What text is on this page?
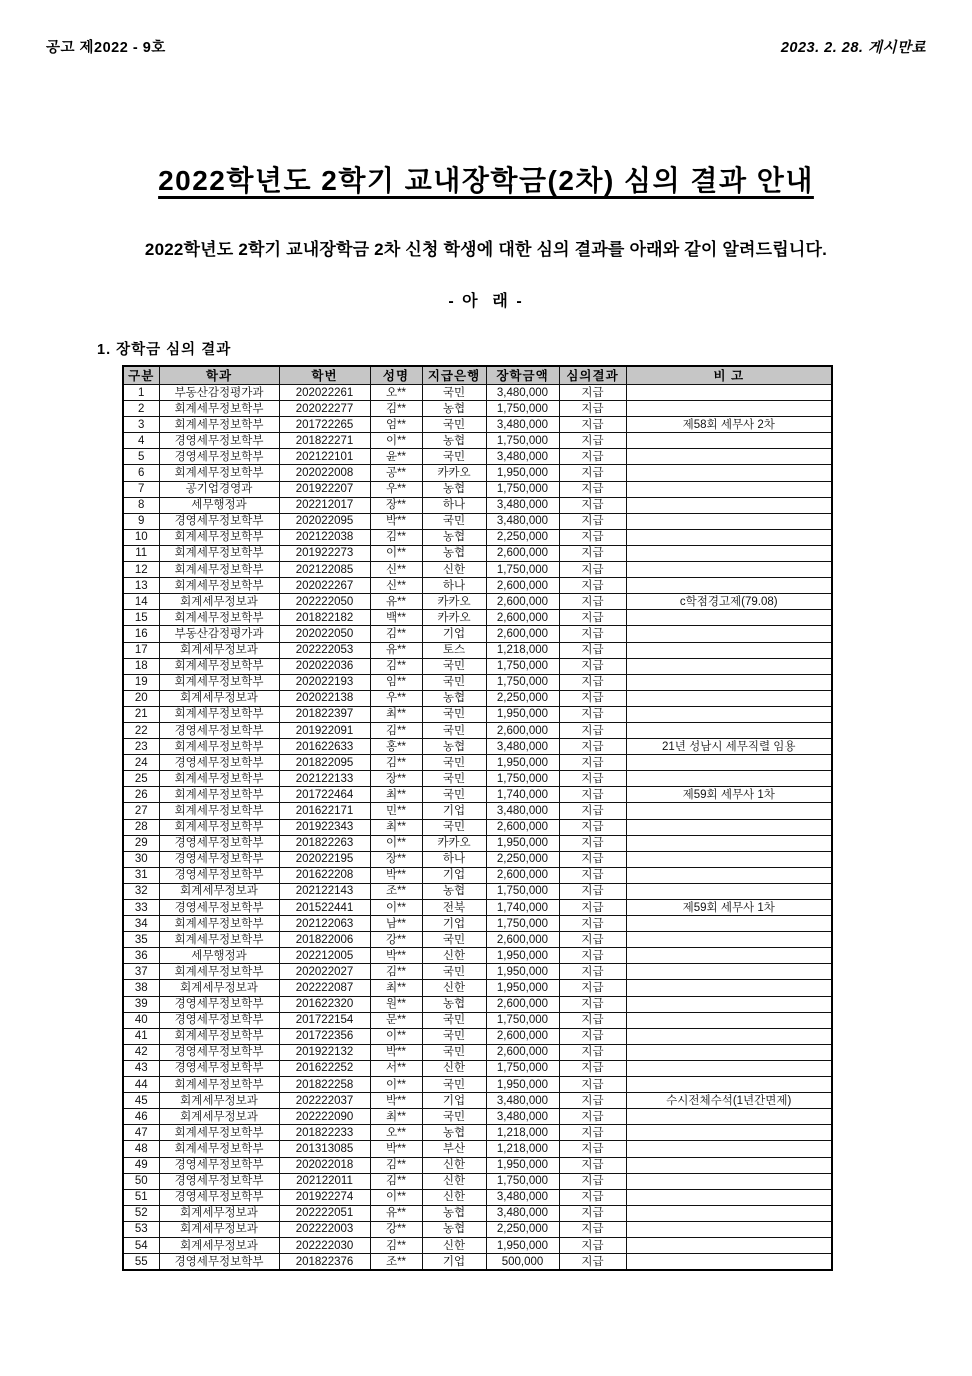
공고 제2022 - 9호	2023. 2. 28. 게시만료
2022학년도 2학기 교내장학금(2차) 심의 결과 안내

2022학년도 2학기 교내장학금 2차 신청 학생에 대한 심의 결과를 아래와 같이 알려드립니다.

- 아  래 -

1. 장학금 심의 결과

구분	학과	학번	성명	지급은행	장학금액	심의결과	비 고
1	부동산감정평가과	202022261	오**	국민	3,480,000	지급	
2	회계세무정보학부	202022277	김**	농협	1,750,000	지급	
3	회계세무정보학부	201722265	엄**	국민	3,480,000	지급	제58회 세무사 2차
4	경영세무정보학부	201822271	이**	농협	1,750,000	지급	
5	경영세무정보학부	202122101	윤**	국민	3,480,000	지급	
6	회계세무정보학부	202022008	공**	카카오	1,950,000	지급	
7	공기업경영과	201922207	우**	농협	1,750,000	지급	
8	세무행정과	202212017	장**	하나	3,480,000	지급	
9	경영세무정보학부	202022095	박**	국민	3,480,000	지급	
10	회계세무정보학부	202122038	김**	농협	2,250,000	지급	
11	회계세무정보학부	201922273	이**	농협	2,600,000	지급	
12	회계세무정보학부	202122085	신**	신한	1,750,000	지급	
13	회계세무정보학부	202022267	신**	하나	2,600,000	지급	
14	회계세무정보과	202222050	유**	카카오	2,600,000	지급	c학점경고제(79.08)
15	회계세무정보학부	201822182	백**	카카오	2,600,000	지급	
16	부동산감정평가과	202022050	김**	기업	2,600,000	지급	
17	회계세무정보과	202222053	유**	토스	1,218,000	지급	
18	회계세무정보학부	202022036	김**	국민	1,750,000	지급	
19	회계세무정보학부	202022193	임**	국민	1,750,000	지급	
20	회계세무정보과	202022138	우**	농협	2,250,000	지급	
21	회계세무정보학부	201822397	최**	국민	1,950,000	지급	
22	경영세무정보학부	201922091	김**	국민	2,600,000	지급	
23	회계세무정보학부	201622633	홍**	농협	3,480,000	지급	21년 성남시 세무직렬 임용
24	경영세무정보학부	201822095	김**	국민	1,950,000	지급	
25	회계세무정보학부	202122133	장**	국민	1,750,000	지급	
26	회계세무정보학부	201722464	최**	국민	1,740,000	지급	제59회 세무사 1차
27	회계세무정보학부	201622171	민**	기업	3,480,000	지급	
28	회계세무정보학부	201922343	최**	국민	2,600,000	지급	
29	경영세무정보학부	201822263	이**	카카오	1,950,000	지급	
30	경영세무정보학부	202022195	장**	하나	2,250,000	지급	
31	경영세무정보학부	201622208	박**	기업	2,600,000	지급	
32	회계세무정보과	202122143	조**	농협	1,750,000	지급	
33	경영세무정보학부	201522441	이**	전북	1,740,000	지급	제59회 세무사 1차
34	회계세무정보학부	202122063	남**	기업	1,750,000	지급	
35	회계세무정보학부	201822006	강**	국민	2,600,000	지급	
36	세무행정과	202212005	박**	신한	1,950,000	지급	
37	회계세무정보학부	202022027	김**	국민	1,950,000	지급	
38	회계세무정보과	202222087	최**	신한	1,950,000	지급	
39	경영세무정보학부	201622320	원**	농협	2,600,000	지급	
40	경영세무정보학부	201722154	문**	국민	1,750,000	지급	
41	회계세무정보학부	201722356	이**	국민	2,600,000	지급	
42	경영세무정보학부	201922132	박**	국민	2,600,000	지급	
43	경영세무정보학부	201622252	서**	신한	1,750,000	지급	
44	회계세무정보학부	201822258	이**	국민	1,950,000	지급	
45	회계세무정보과	202222037	박**	기업	3,480,000	지급	수시전체수석(1년간면제)
46	회계세무정보과	202222090	최**	국민	3,480,000	지급	
47	회계세무정보학부	201822233	오**	농협	1,218,000	지급	
48	회계세무정보학부	201313085	박**	부산	1,218,000	지급	
49	경영세무정보학부	202022018	김**	신한	1,950,000	지급	
50	경영세무정보학부	202122011	김**	신한	1,750,000	지급	
51	경영세무정보학부	201922274	이**	신한	3,480,000	지급	
52	회계세무정보과	202222051	유**	농협	3,480,000	지급	
53	회계세무정보과	202222003	강**	농협	2,250,000	지급	
54	회계세무정보과	202222030	김**	신한	1,950,000	지급	
55	경영세무정보학부	201822376	조**	기업	500,000	지급	
